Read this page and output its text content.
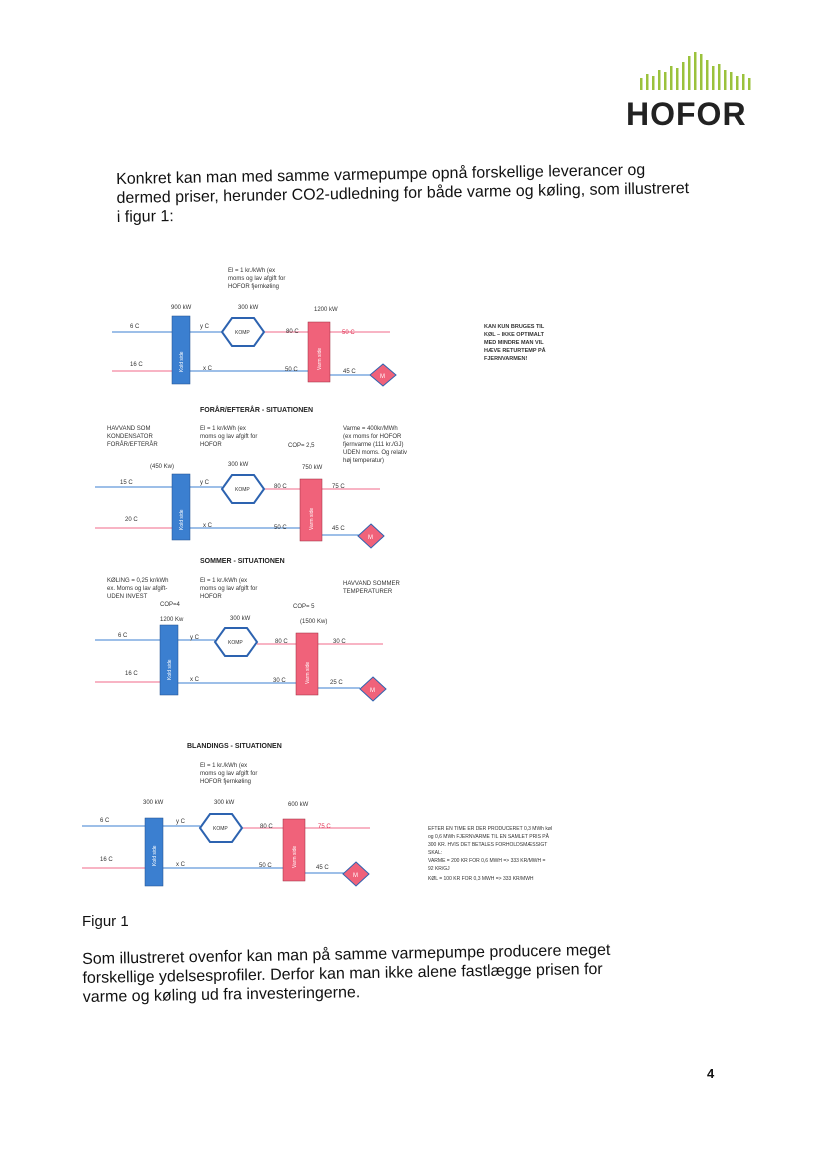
HOFOR
Konkret kan man med samme varmepumpe opnå forskellige leverancer og dermed priser, herunder CO2-udledning for både varme og køling, som illustreret i figur 1:
El = 1 kr./kWh (ex
moms og lav afgift for
HOFOR fjernkøling
900 kW	300 kW	1200 kW
6 C
16 C
y C
x C
80 C	50 C
50 C	45 C
Kold side	Varm side
KOMP
M
KAN KUN BRUGES TIL
KØL – IKKE OPTIMALT
MED MINDRE MAN VIL
HÆVE RETURTEMP PÅ
FJERNVARMEN!
FORÅR/EFTERÅR - SITUATIONEN
HAVVAND SOM
KONDENSATOR
FORÅR/EFTERÅR
El = 1 kr/kWh (ex
moms og lav afgift for
HOFOR	COP= 2,5
Varme = 400kr/MWh
(ex moms for HOFOR
fjernvarme (111 kr./GJ)
UDEN moms. Og relativ
høj temperatur)
(450 Kw)	300 kW	750 kW
15 C
20 C
y C
x C
80 C	75 C
50 C	45 C
Kold side	Varm side
KOMP
M
SOMMER - SITUATIONEN
KØLING = 0,25 kr/kWh
ex. Moms og lav afgift-
UDEN INVEST
COP=4
El = 1 kr./kWh (ex
moms og lav afgift for
HOFOR
HAVVAND SOMMER
TEMPERATURER
COP= 5
1200 Kw	300 kW	(1500 Kw)
6 C
16 C
y C
x C
80 C	30 C
30 C	25 C
Kold side	Varm side
KOMP
M
BLANDINGS - SITUATIONEN
El = 1 kr./kWh (ex
moms og lav afgift for
HOFOR fjernkøling
300 kW	300 kW	600 kW
6 C
16 C
y C
x C
80 C	75 C
50 C	45 C
Kold side	Varm side
KOMP
M
EFTER EN TIME ER DER PRODUCERET 0,3 MWh køl
og 0,6 MWh FJERNVARME TIL EN SAMLET PRIS PÅ
300 KR. HVIS DET BETALES FORHOLDSMÆSSIGT
SKAL:
VARME = 200 KR FOR 0,6 MWH => 333 KR/MWH =
92 KR/GJ
KØL = 100 KR FOR 0,3 MWH => 333 KR/MWH
Figur 1
Som illustreret ovenfor kan man på samme varmepumpe producere meget forskellige ydelsesprofiler. Derfor kan man ikke alene fastlægge prisen for varme og køling ud fra investeringerne.
4
